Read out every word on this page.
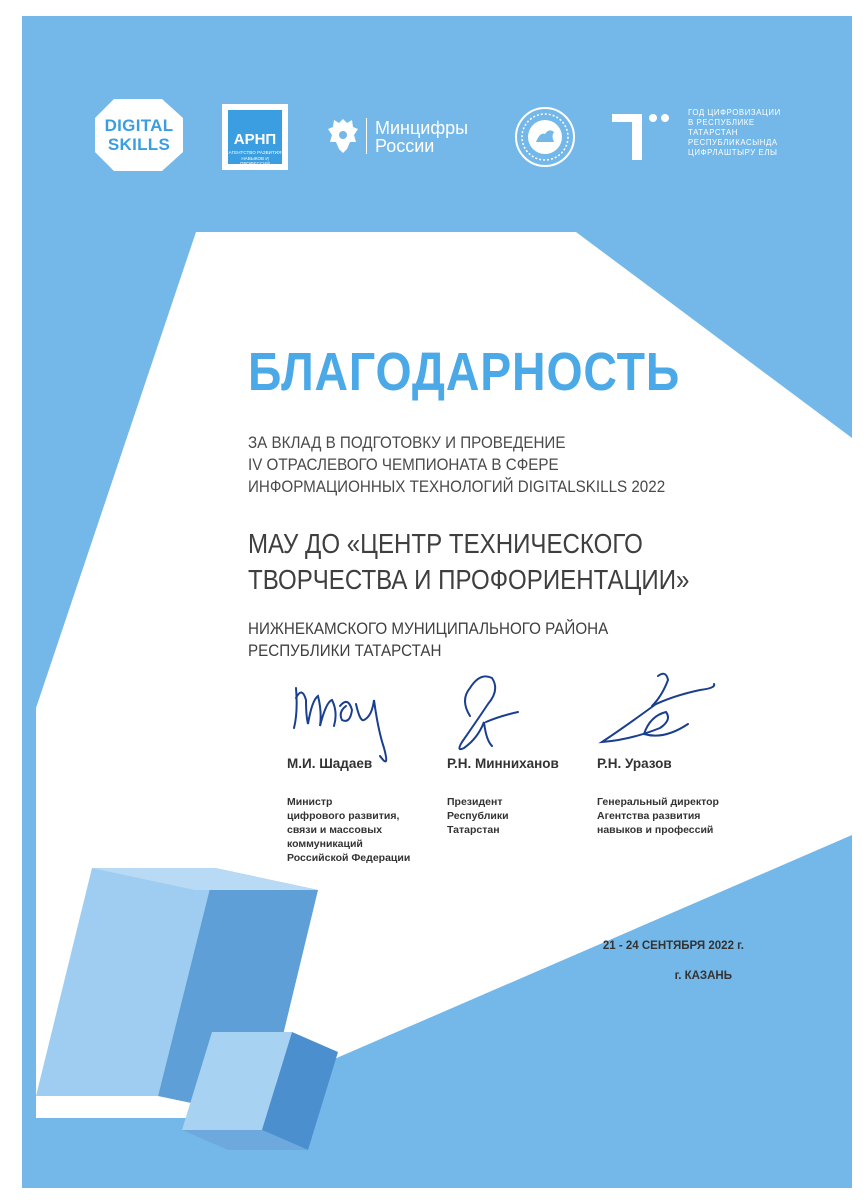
DIGITAL
SKILLS	АРНП
АГЕНТСТВО РАЗВИТИЯ НАВЫКОВ И ПРОФЕССИЙ
Минцифры
России
ГОД ЦИФРОВИЗАЦИИ
В РЕСПУБЛИКЕ
ТАТАРСТАН
РЕСПУБЛИКАСЫНДА
ЦИФРЛАШТЫРУ ЕЛЫ
БЛАГОДАРНОСТЬ
ЗА ВКЛАД В ПОДГОТОВКУ И ПРОВЕДЕНИЕ
IV ОТРАСЛЕВОГО ЧЕМПИОНАТА В СФЕРЕ
ИНФОРМАЦИОННЫХ ТЕХНОЛОГИЙ DIGITALSKILLS 2022
МАУ ДО «ЦЕНТР ТЕХНИЧЕСКОГО
ТВОРЧЕСТВА И ПРОФОРИЕНТАЦИИ»
НИЖНЕКАМСКОГО МУНИЦИПАЛЬНОГО РАЙОНА
РЕСПУБЛИКИ ТАТАРСТАН
М.И. Шадаев
Министр
цифрового развития,
связи и массовых
коммуникаций
Российской Федерации
Р.Н. Минниханов
Президент
Республики
Татарстан
Р.Н. Уразов
Генеральный директор
Агентства развития
навыков и профессий
21 - 24 СЕНТЯБРЯ 2022 г.
г. КАЗАНЬ
